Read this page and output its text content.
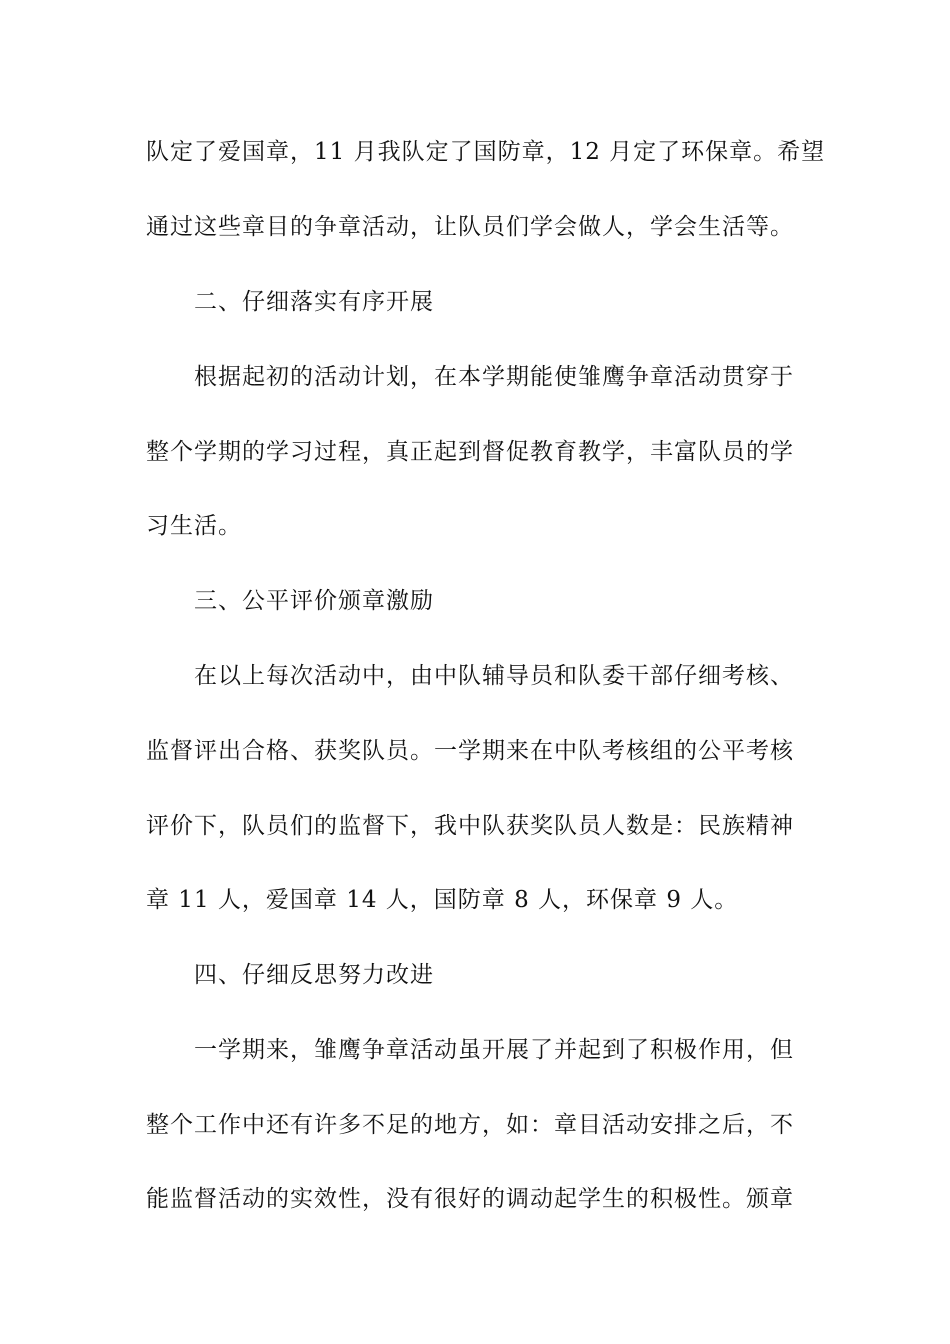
队定了爱国章，11 月我队定了国防章，12 月定了环保章。希望
通过这些章目的争章活动，让队员们学会做人，学会生活等。
二、仔细落实有序开展
根据起初的活动计划，在本学期能使雏鹰争章活动贯穿于
整个学期的学习过程，真正起到督促教育教学，丰富队员的学
习生活。
三、公平评价颁章激励
在以上每次活动中，由中队辅导员和队委干部仔细考核、
监督评出合格、获奖队员。一学期来在中队考核组的公平考核
评价下，队员们的监督下，我中队获奖队员人数是：民族精神
章 11 人，爱国章 14 人，国防章 8 人，环保章 9 人。
四、仔细反思努力改进
一学期来，雏鹰争章活动虽开展了并起到了积极作用，但
整个工作中还有许多不足的地方，如：章目活动安排之后，不
能监督活动的实效性，没有很好的调动起学生的积极性。颁章
